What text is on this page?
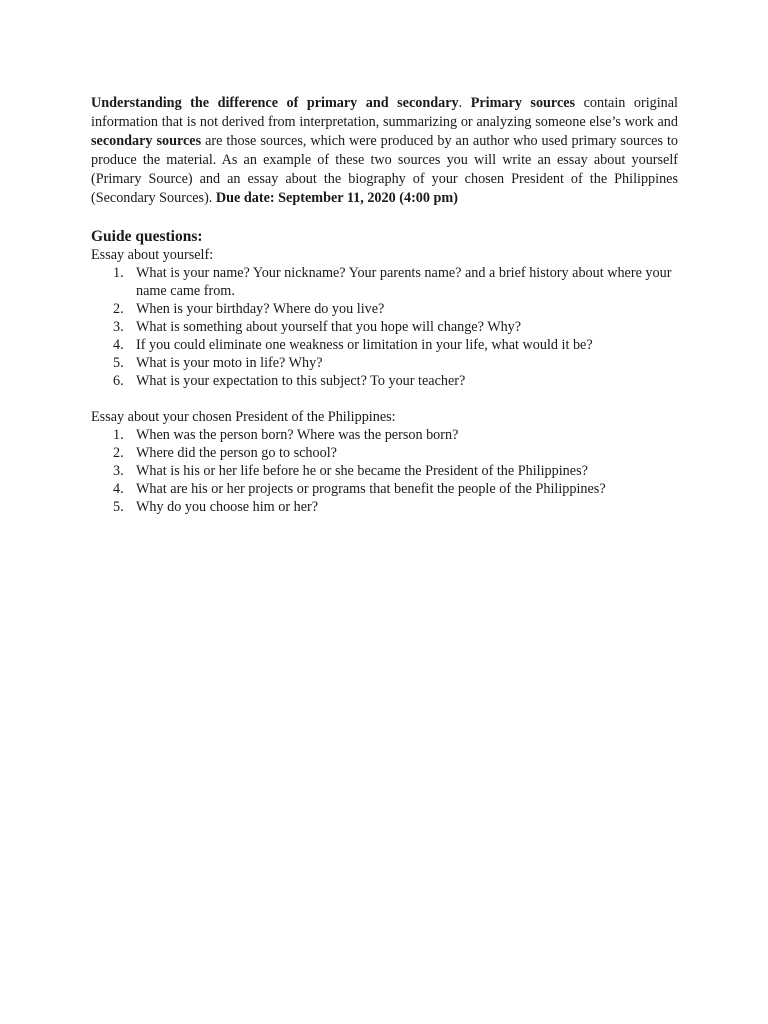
Understanding the difference of primary and secondary. Primary sources contain original information that is not derived from interpretation, summarizing or analyzing someone else’s work and secondary sources are those sources, which were produced by an author who used primary sources to produce the material. As an example of these two sources you will write an essay about yourself (Primary Source) and an essay about the biography of your chosen President of the Philippines (Secondary Sources). Due date: September 11, 2020 (4:00 pm)

Guide questions:
Essay about yourself:
1. What is your name? Your nickname? Your parents name? and a brief history about where your name came from.
2. When is your birthday? Where do you live?
3. What is something about yourself that you hope will change? Why?
4. If you could eliminate one weakness or limitation in your life, what would it be?
5. What is your moto in life? Why?
6. What is your expectation to this subject? To your teacher?
Essay about your chosen President of the Philippines:
1. When was the person born? Where was the person born?
2. Where did the person go to school?
3. What is his or her life before he or she became the President of the Philippines?
4. What are his or her projects or programs that benefit the people of the Philippines?
5. Why do you choose him or her?
